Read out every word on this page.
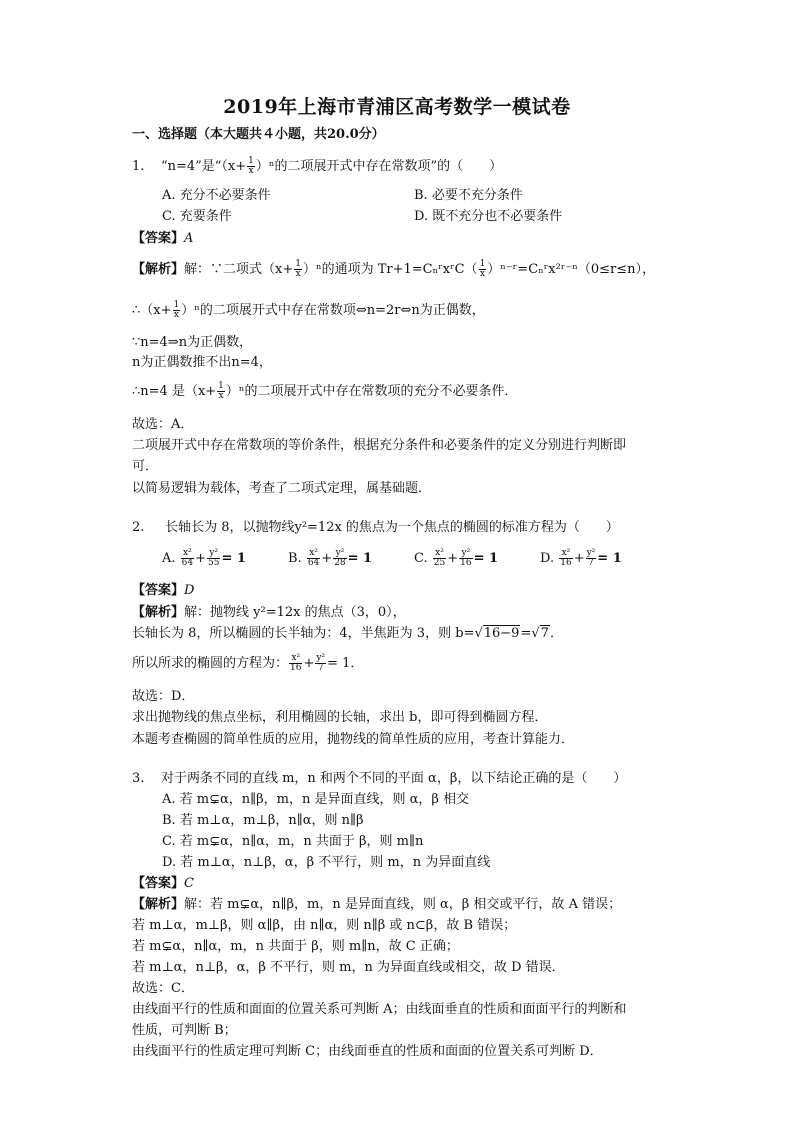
2019年上海市青浦区高考数学一模试卷
一、选择题（本大题共４小题，共20.0分）
1. “n=4”是“$(x+ \frac{1}{x} )^n$的二项展开式中存在常数项”的（　　）
A. 充分不必要条件	B. 必要不充分条件
C. 充要条件	D. 既不充分也不必要条件
【答案】A
【解析】解：∵二项式$(x+ \frac{1}{x} )^n$的通项为 Tr+1=CₙʳxʳC（ $\frac{1}{x}$ ）ⁿ⁻ʳ=Cₙʳx²ʳ⁻ⁿ（0≤r≤n），
∴（x+ $\frac{1}{x} )^n$的二项展开式中存在常数项⇔n=2r⇔n为正偶数，
∵n=4⇒n为正偶数，
n为正偶数推不出n=4，
∴n=4 是$(x+ \frac{1}{x} )^n$的二项展开式中存在常数项的充分不必要条件．
故选：A．
二项展开式中存在常数项的等价条件，根据充分条件和必要条件的定义分别进行判断即
可．
以简易逻辑为载体，考查了二项式定理，属基础题．
2. 长轴长为 8，以抛物线y²=12x 的焦点为一个焦点的椭圆的标准方程为（　　）
A. $\frac{\text{x²}}{64} + \frac{\text{y²}}{55} = 1$	B. $\frac{\text{x²}}{64} + \frac{\text{y²}}{28} = 1$	C. $\frac{\text{x²}}{25} + \frac{\text{y²}}{16} = 1$	D. $\frac{\text{x²}}{16} + \frac{\text{y²}}{7} = 1$
【答案】D
【解析】解：抛物线 y²=12x 的焦点（3，0），
长轴长为 8，所以椭圆的长半轴为：4，半焦距为 3，则 b=√16−9=√7．
所以所求的椭圆的方程为： $\frac{\text{x²}}{16} + \frac{\text{y²}}{7} = 1$．
故选：D．
求出抛物线的焦点坐标，利用椭圆的长轴，求出 b，即可得到椭圆方程．
本题考查椭圆的简单性质的应用，抛物线的简单性质的应用，考查计算能力．
3. 对于两条不同的直线 m，n 和两个不同的平面 α，β，以下结论正确的是（　　）
A. 若 m⊊α，n∥β，m，n 是异面直线，则 α，β 相交
B. 若 m⊥α，m⊥β，n∥α，则 n∥β
C. 若 m⊊α，n∥α，m，n 共面于 β，则 m∥n
D. 若 m⊥α，n⊥β，α，β 不平行，则 m，n 为异面直线
【答案】C
【解析】解：若 m⊊α，n∥β，m，n 是异面直线，则 α，β 相交或平行，故 A 错误；
若 m⊥α，m⊥β，则 α∥β，由 n∥α，则 n∥β 或 n⊂β，故 B 错误；
若 m⊊α，n∥α，m，n 共面于 β，则 m∥n，故 C 正确；
若 m⊥α，n⊥β，α，β 不平行，则 m，n 为异面直线或相交，故 D 错误．
故选：C．
由线面平行的性质和面面的位置关系可判断 A；由线面垂直的性质和面面平行的判断和
性质，可判断 B；
由线面平行的性质定理可判断 C；由线面垂直的性质和面面的位置关系可判断 D．
